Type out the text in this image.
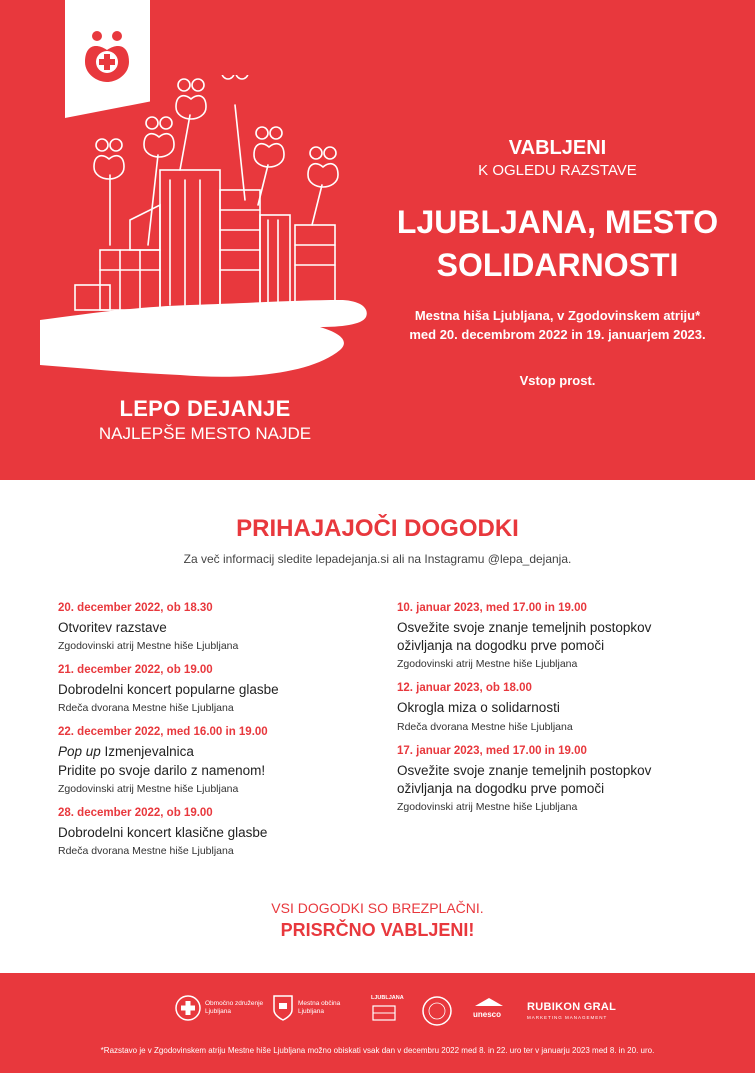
LEPO DEJANJE
NAJLEPŠE MESTO NAJDE
VABLJENI
K OGLEDU RAZSTAVE
LJUBLJANA, MESTO
SOLIDARNOSTI
Mestna hiša Ljubljana, v Zgodovinskem atriju*
med 20. decembrom 2022 in 19. januarjem 2023.
Vstop prost.
PRIHAJAJOČI DOGODKI
Za več informacij sledite lepadejanja.si ali na Instagramu @lepa_dejanja.
20. december 2022, ob 18.30
Otvoritev razstave
Zgodovinski atrij Mestne hiše Ljubljana
21. december 2022, ob 19.00
Dobrodelni koncert popularne glasbe
Rdeča dvorana Mestne hiše Ljubljana
22. december 2022, med 16.00 in 19.00
Pop up Izmenjevalnica
Pridite po svoje darilo z namenom!
Zgodovinski atrij Mestne hiše Ljubljana
28. december 2022, ob 19.00
Dobrodelni koncert klasične glasbe
Rdeča dvorana Mestne hiše Ljubljana
10. januar 2023, med 17.00 in 19.00
Osvežite svoje znanje temeljnih postopkov
oživljanja na dogodku prve pomoči
Zgodovinski atrij Mestne hiše Ljubljana
12. januar 2023, ob 18.00
Okrogla miza o solidarnosti
Rdeča dvorana Mestne hiše Ljubljana
17. januar 2023, med 17.00 in 19.00
Osvežite svoje znanje temeljnih postopkov
oživljanja na dogodku prve pomoči
Zgodovinski atrij Mestne hiše Ljubljana
VSI DOGODKI SO BREZPLAČNI.
PRISRČNO VABLJENI!
Območno združenje
Ljubljana
Mestna občina
Ljubljana
LJUBLJANA
unesco
RUBIKON GRAL
MARKETING MANAGEMENT
*Razstavo je v Zgodovinskem atriju Mestne hiše Ljubljana možno obiskati vsak dan v decembru 2022 med 8. in 22. uro ter v januarju 2023 med 8. in 20. uro.
